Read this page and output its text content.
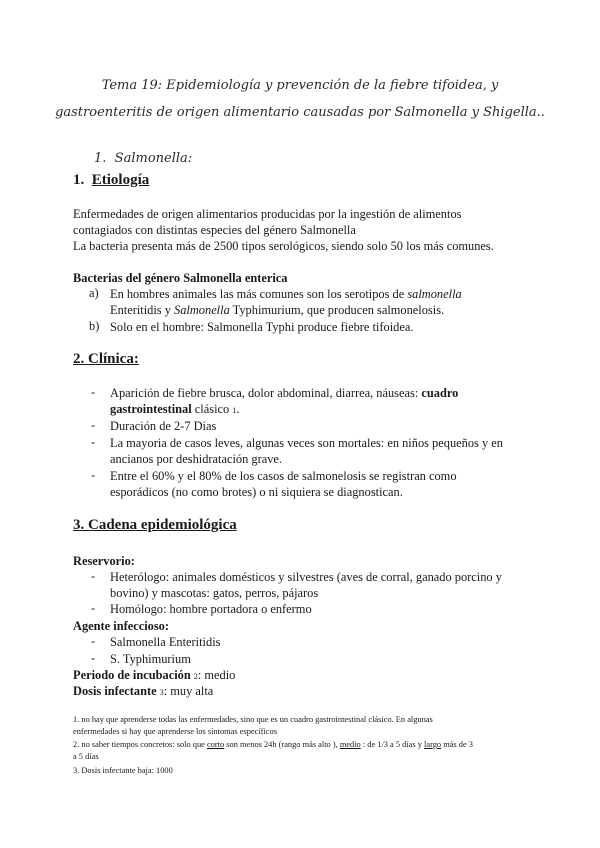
Tema 19: Epidemiología y prevención de la fiebre tifoidea, y
gastroenteritis de origen alimentario causadas por Salmonella y Shigella..
1. Salmonella:
1. Etiología
Enfermedades de origen alimentarios producidas por la ingestión de alimentos
contagiados con distintas especies del género Salmonella
La bacteria presenta más de 2500 tipos serológicos, siendo solo 50 los más comunes.
Bacterias del género Salmonella enterica
a) En hombres animales las más comunes son los serotipos de salmonella
Enteritidis y Salmonella Typhimurium, que producen salmonelosis.
b) Solo en el hombre: Salmonella Typhi produce fiebre tifoidea.
2. Clínica:
- Aparición de fiebre brusca, dolor abdominal, diarrea, náuseas: cuadro
gastrointestinal clásico 1.
- Duración de 2-7 Dias
- La mayoria de casos leves, algunas veces son mortales: en niños pequeños y en
ancianos por deshidratación grave.
- Entre el 60% y el 80% de los casos de salmonelosis se registran como
esporádicos (no como brotes) o ni siquiera se diagnostican.
3. Cadena epidemiológica
Reservorio:
- Heterólogo: animales domésticos y silvestres (aves de corral, ganado porcino y
bovino) y mascotas: gatos, perros, pájaros
- Homólogo: hombre portadora o enfermo
Agente infeccioso:
- Salmonella Enteritidis
- S. Typhimurium
Periodo de incubación 2: medio
Dosis infectante 3: muy alta
1. no hay que aprenderse todas las enfermedades, sino que es un cuadro gastrointestinal clásico. En algunas
enfermedades si hay que aprenderse los síntomas específicos
2. no saber tiempos concretos: solo que corto son menos 24h (rango más alto ), medio : de 1/3 a 5 días y largo más de 3
a 5 días
3. Dosis infectante baja: 1000
